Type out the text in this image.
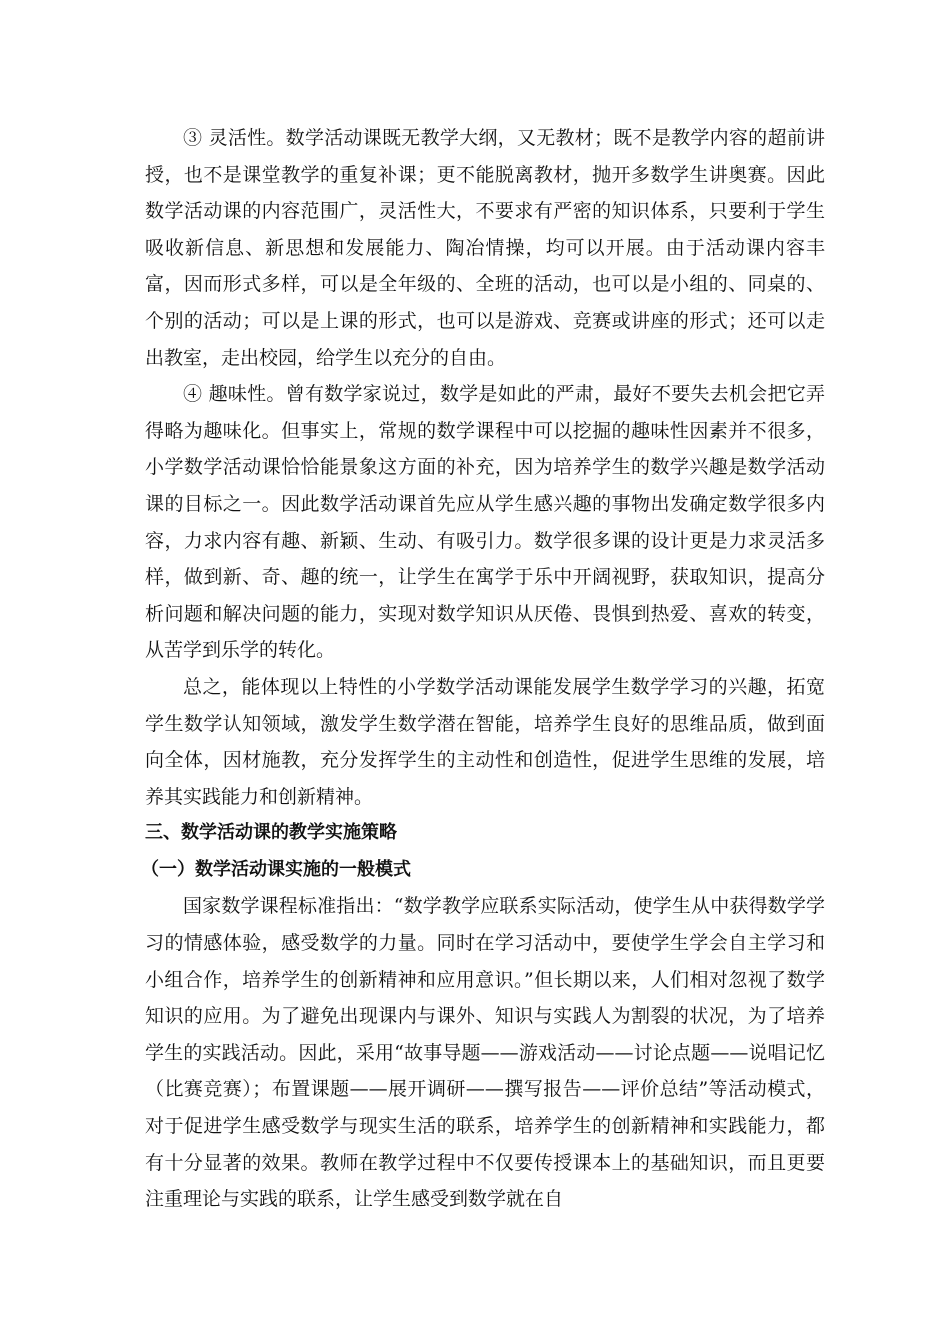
③ 灵活性。数学活动课既无教学大纲，又无教材；既不是教学内容的超前讲授，也不是课堂教学的重复补课；更不能脱离教材，抛开多数学生讲奥赛。因此数学活动课的内容范围广，灵活性大，不要求有严密的知识体系，只要利于学生吸收新信息、新思想和发展能力、陶冶情操，均可以开展。由于活动课内容丰富，因而形式多样，可以是全年级的、全班的活动，也可以是小组的、同桌的、个别的活动；可以是上课的形式，也可以是游戏、竞赛或讲座的形式；还可以走出教室，走出校园，给学生以充分的自由。

④ 趣味性。曾有数学家说过，数学是如此的严肃，最好不要失去机会把它弄得略为趣味化。但事实上，常规的数学课程中可以挖掘的趣味性因素并不很多，小学数学活动课恰恰能景象这方面的补充，因为培养学生的数学兴趣是数学活动课的目标之一。因此数学活动课首先应从学生感兴趣的事物出发确定数学很多内容，力求内容有趣、新颖、生动、有吸引力。数学很多课的设计更是力求灵活多样，做到新、奇、趣的统一，让学生在寓学于乐中开阔视野，获取知识，提高分析问题和解决问题的能力，实现对数学知识从厌倦、畏惧到热爱、喜欢的转变，从苦学到乐学的转化。

总之，能体现以上特性的小学数学活动课能发展学生数学学习的兴趣，拓宽学生数学认知领域，激发学生数学潜在智能，培养学生良好的思维品质，做到面向全体，因材施教，充分发挥学生的主动性和创造性，促进学生思维的发展，培养其实践能力和创新精神。

三、数学活动课的教学实施策略

（一）数学活动课实施的一般模式

国家数学课程标准指出：“数学教学应联系实际活动，使学生从中获得数学学习的情感体验，感受数学的力量。同时在学习活动中，要使学生学会自主学习和小组合作，培养学生的创新精神和应用意识。”但长期以来，人们相对忽视了数学知识的应用。为了避免出现课内与课外、知识与实践人为割裂的状况，为了培养学生的实践活动。因此，采用“故事导题——游戏活动——讨论点题——说唱记忆（比赛竞赛）；布置课题——展开调研——撰写报告——评价总结”等活动模式，对于促进学生感受数学与现实生活的联系，培养学生的创新精神和实践能力，都有十分显著的效果。教师在教学过程中不仅要传授课本上的基础知识，而且更要注重理论与实践的联系，让学生感受到数学就在自
